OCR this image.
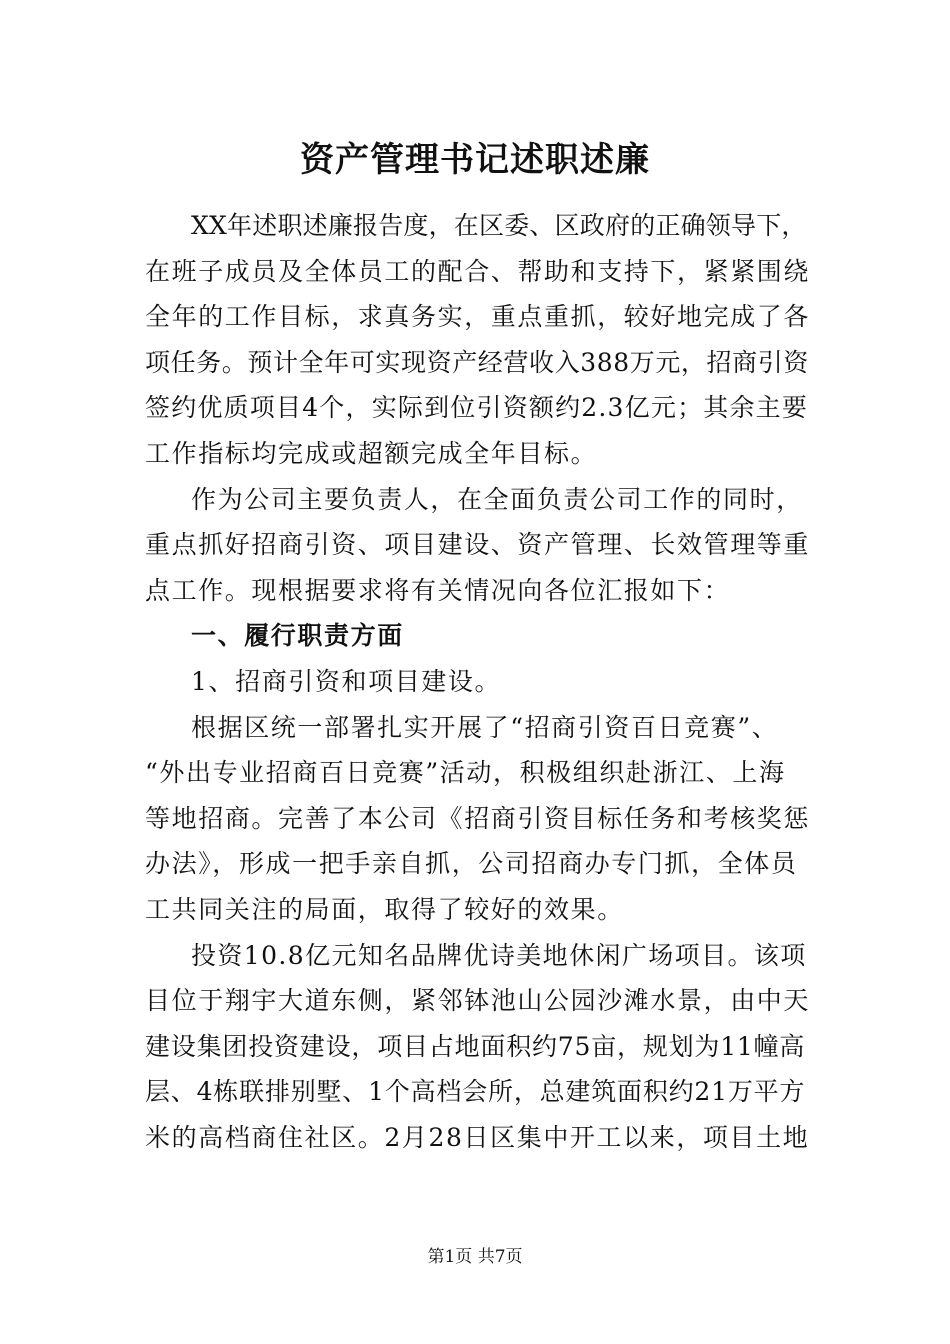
资产管理书记述职述廉
XX年述职述廉报告度，在区委、区政府的正确领导下，
在班子成员及全体员工的配合、帮助和支持下，紧紧围绕
全年的工作目标，求真务实，重点重抓，较好地完成了各
项任务。预计全年可实现资产经营收入388万元，招商引资
签约优质项目4个，实际到位引资额约2.3亿元；其余主要
工作指标均完成或超额完成全年目标。
作为公司主要负责人，在全面负责公司工作的同时，
重点抓好招商引资、项目建设、资产管理、长效管理等重
点工作。现根据要求将有关情况向各位汇报如下：
一、履行职责方面
1、招商引资和项目建设。
根据区统一部署扎实开展了“招商引资百日竞赛”、
“外出专业招商百日竞赛”活动，积极组织赴浙江、上海
等地招商。完善了本公司《招商引资目标任务和考核奖惩
办法》，形成一把手亲自抓，公司招商办专门抓，全体员
工共同关注的局面，取得了较好的效果。
投资10.8亿元知名品牌优诗美地休闲广场项目。该项
目位于翔宇大道东侧，紧邻钵池山公园沙滩水景，由中天
建设集团投资建设，项目占地面积约75亩，规划为11幢高
层、4栋联排别墅、1个高档会所，总建筑面积约21万平方
米的高档商住社区。2月28日区集中开工以来，项目土地
第1页 共7页
